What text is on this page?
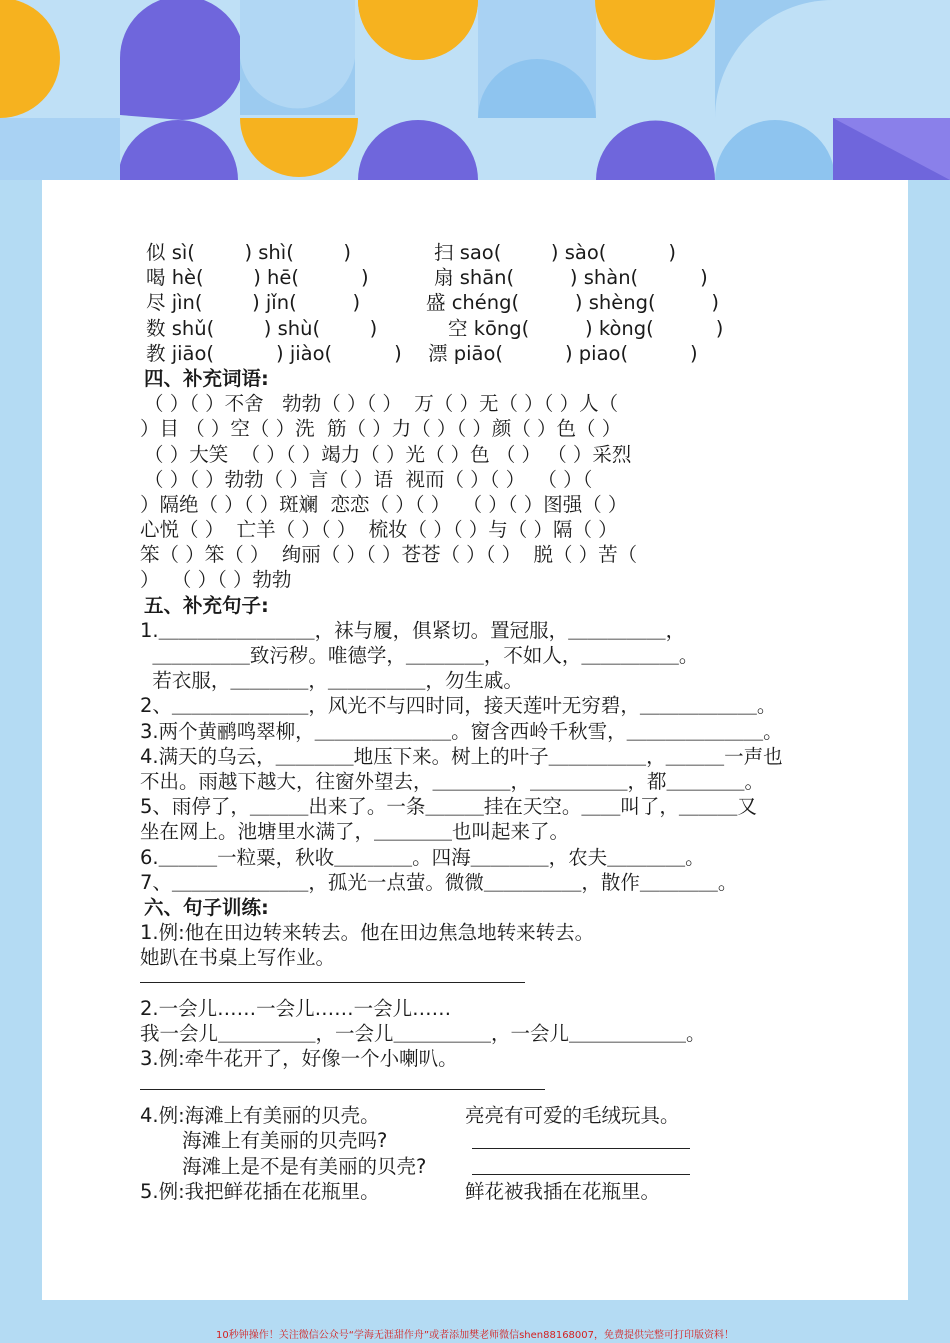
似 sì(        ) shì(        )	扫 sao(        ) sào(          )
喝 hè(        ) hē(          )	扇 shān(         ) shàn(          )
尽 jìn(        ) jǐn(         )	盛 chéng(         ) shèng(         )
数 shǔ(        ) shù(        )	空 kōng(         ) kòng(          )
教 jiāo(          ) jiào(          ) 漂 piāo(          ) piao(          )
四、补充词语:
（ ）（ ）不舍   勃勃（ ）（ ）  万（ ）无（ ）（ ）人（
）目 （ ）空（ ）洗  筋（ ）力（ ）（ ）颜（ ）色（ ）
（ ）大笑  （ ）（ ）竭力（ ）光（ ）色 （ ） （ ）采烈
（ ）（ ）勃勃（ ）言（ ）语  视而（ ）（ ）  （ ）（
）隔绝（ ）（ ）斑斓  恋恋（ ）（ ）  （ ）（ ）图强（ ）
心悦（ ）  亡羊（ ）（ ）  梳妆（ ）（ ）与（ ）隔（ ）
笨（ ）笨（ ）  绚丽（ ）（ ）苍苍（ ）（ ）  脱（ ）苦（
）  （ ）（ ）勃勃
五、补充句子:
1.＿＿＿＿＿＿＿＿，袜与履，俱紧切。置冠服，＿＿＿＿＿，
＿＿＿＿＿致污秽。唯德学，＿＿＿＿，不如人，＿＿＿＿＿。
若衣服，＿＿＿＿，＿＿＿＿＿，勿生戚。
2、＿＿＿＿＿＿＿，风光不与四时同，接天莲叶无穷碧，＿＿＿＿＿＿。
3.两个黄鹂鸣翠柳，＿＿＿＿＿＿＿。窗含西岭千秋雪，＿＿＿＿＿＿＿。
4.满天的乌云，＿＿＿＿地压下来。树上的叶子＿＿＿＿＿，＿＿＿一声也
不出。雨越下越大，往窗外望去，＿＿＿＿，＿＿＿＿＿，都＿＿＿＿。
5、雨停了，＿＿＿出来了。一条＿＿＿挂在天空。＿＿叫了，＿＿＿又
坐在网上。池塘里水满了，＿＿＿＿也叫起来了。
6.＿＿＿一粒粟，秋收＿＿＿＿。四海＿＿＿＿，农夫＿＿＿＿。
7、＿＿＿＿＿＿＿，孤光一点萤。微微＿＿＿＿＿，散作＿＿＿＿。
六、句子训练:
1.例:他在田边转来转去。他在田边焦急地转来转去。
她趴在书桌上写作业。
2.一会儿……一会儿……一会儿……
我一会儿＿＿＿＿＿，一会儿＿＿＿＿＿，一会儿＿＿＿＿＿＿。
3.例:牵牛花开了，好像一个小喇叭。
4.例:海滩上有美丽的贝壳。	亮亮有可爱的毛绒玩具。
海滩上有美丽的贝壳吗?
海滩上是不是有美丽的贝壳?
5.例:我把鲜花插在花瓶里。	鲜花被我插在花瓶里。
10秒钟操作！关注微信公众号“学海无涯甜作舟”或者添加樊老师微信shen88168007，免费提供完整可打印版资料！
